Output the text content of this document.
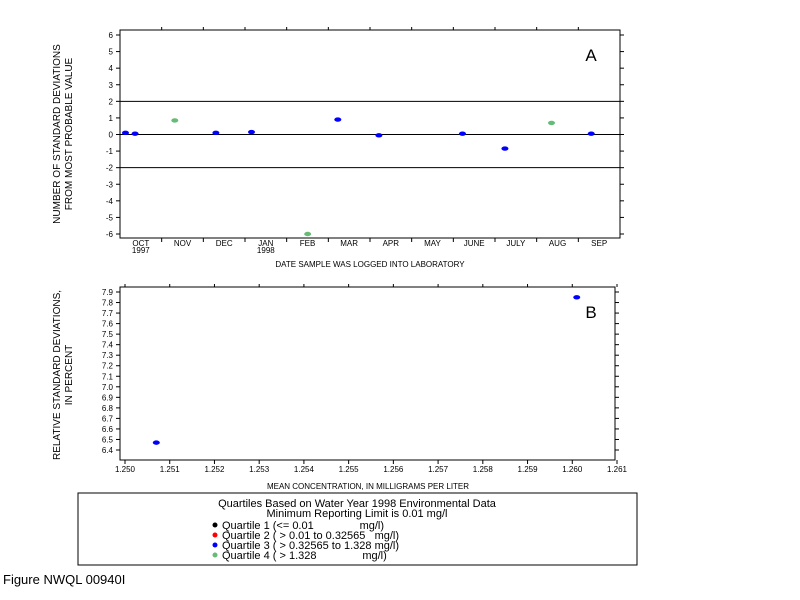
6
5
4
3
2
1
0
-1
-2
-3
-4
-5
-6
OCT	NOV	DEC	JAN	FEB	MAR	APR	MAY	JUNE	JULY	AUG	SEP
1997	1998
A
DATE SAMPLE WAS LOGGED INTO LABORATORY
NUMBER OF STANDARD DEVIATIONS FROM MOST PROBABLE VALUE
7.9
7.8
7.7
7.6
7.5
7.4
7.3
7.2
7.1
7.0
6.9
6.8
6.7
6.6
6.5
6.4
1.250	1.251	1.252	1.253	1.254	1.255	1.256	1.257	1.258	1.259	1.260	1.261
B
MEAN CONCENTRATION, IN MILLIGRAMS PER LITER
RELATIVE STANDARD DEVIATIONS, IN PERCENT
Quartiles Based on Water Year 1998 Environmental Data
Minimum Reporting Limit is 0.01 mg/l
Quartile 1 (<= 0.01               mg/l)
Quartile 2 ( > 0.01 to 0.32565   mg/l)
Quartile 3 ( > 0.32565 to 1.328 mg/l)
Quartile 4 ( > 1.328               mg/l)
Figure NWQL 00940I
